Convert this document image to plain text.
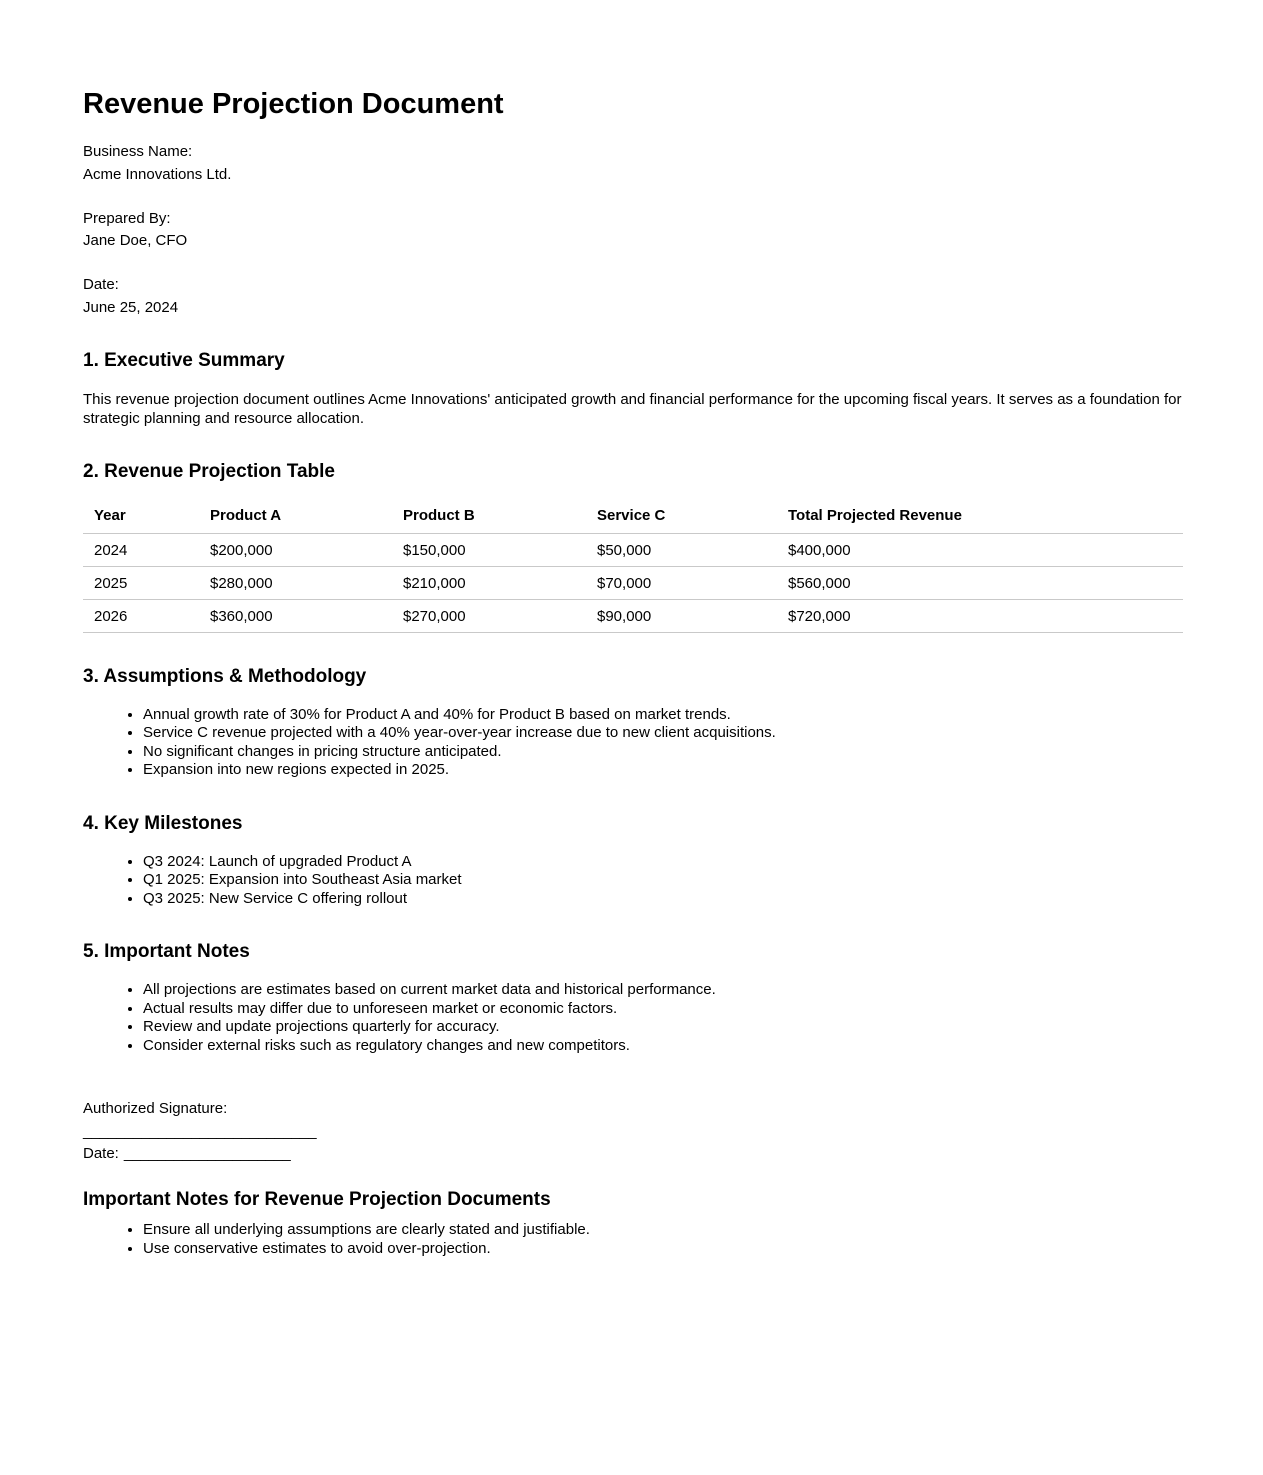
Revenue Projection Document

Business Name:

Acme Innovations Ltd.

Prepared By:

Jane Doe, CFO

Date:

June 25, 2024

1. Executive Summary

This revenue projection document outlines Acme Innovations' anticipated growth and financial performance for the upcoming fiscal years. It serves as a foundation for strategic planning and resource allocation.

2. Revenue Projection Table
Year	Product A	Product B	Service C	Total Projected Revenue
2024	$200,000	$150,000	$50,000	$400,000
2025	$280,000	$210,000	$70,000	$560,000
2026	$360,000	$270,000	$90,000	$720,000
3. Assumptions & Methodology
• Annual growth rate of 30% for Product A and 40% for Product B based on market trends.
• Service C revenue projected with a 40% year-over-year increase due to new client acquisitions.
• No significant changes in pricing structure anticipated.
• Expansion into new regions expected in 2025.
4. Key Milestones
• Q3 2024: Launch of upgraded Product A
• Q1 2025: Expansion into Southeast Asia market
• Q3 2025: New Service C offering rollout
5. Important Notes
• All projections are estimates based on current market data and historical performance.
• Actual results may differ due to unforeseen market or economic factors.
• Review and update projections quarterly for accuracy.
• Consider external risks such as regulatory changes and new competitors.

Authorized Signature:

____________________________

Date: ____________________

Important Notes for Revenue Projection Documents
• Ensure all underlying assumptions are clearly stated and justifiable.
• Use conservative estimates to avoid over-projection.
